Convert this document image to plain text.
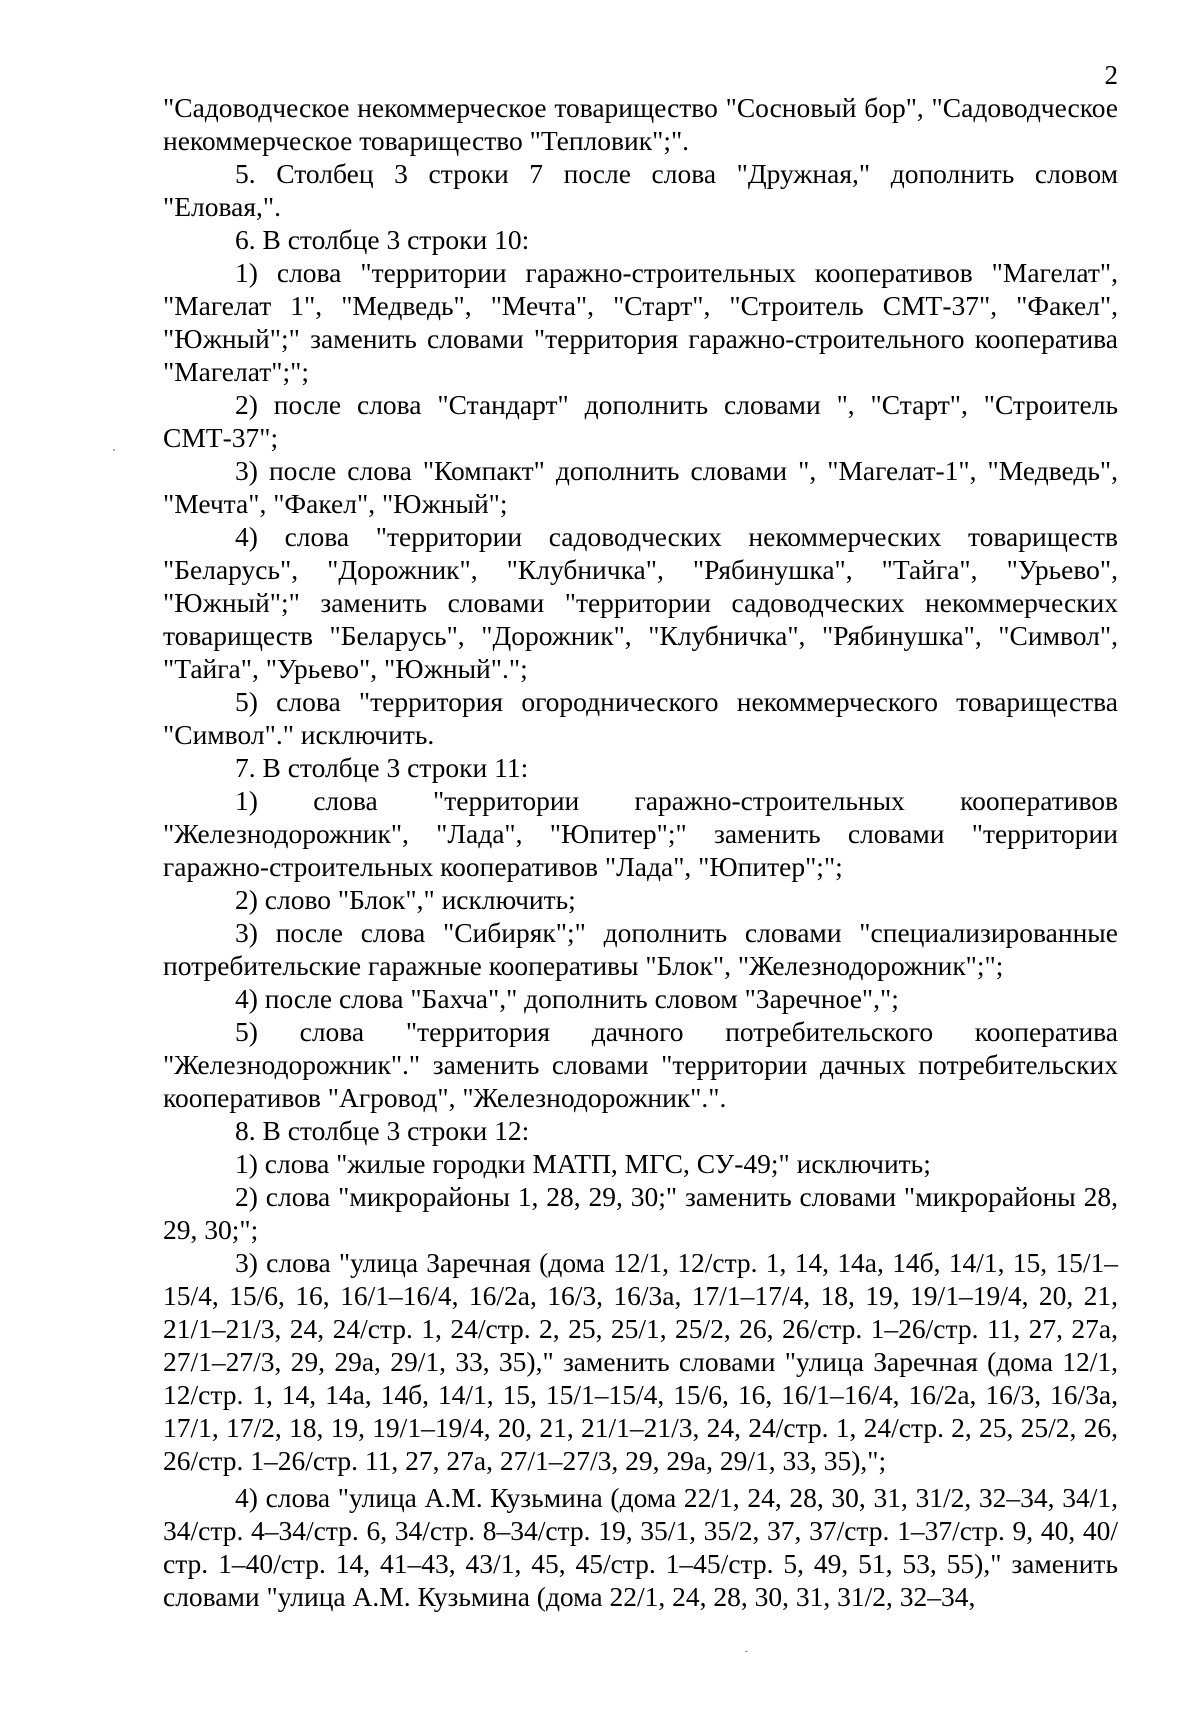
2

"Садоводческое некоммерческое товарищество "Сосновый бор", "Садоводческое некоммерческое товарищество "Тепловик";".

5. Столбец 3 строки 7 после слова "Дружная," дополнить словом "Еловая,".

6. В столбце 3 строки 10:

1) слова "территории гаражно-строительных кооперативов "Магелат", "Магелат 1", "Медведь", "Мечта", "Старт", "Строитель СМТ-37", "Факел", "Южный";" заменить словами "территория гаражно-строительного кооператива "Магелат";";

2) после слова "Стандарт" дополнить словами ", "Старт", "Строитель СМТ-37";

3) после слова "Компакт" дополнить словами ", "Магелат-1", "Медведь", "Мечта", "Факел", "Южный";

4) слова "территории садоводческих некоммерческих товариществ "Беларусь", "Дорожник", "Клубничка", "Рябинушка", "Тайга", "Урьево", "Южный";" заменить словами "территории садоводческих некоммерческих товариществ "Беларусь", "Дорожник", "Клубничка", "Рябинушка", "Символ", "Тайга", "Урьево", "Южный".";

5) слова "территория огороднического некоммерческого товарищества "Символ"." исключить.

7. В столбце 3 строки 11:

1) слова "территории гаражно-строительных кооперативов "Железнодорожник", "Лада", "Юпитер";" заменить словами "территории гаражно-строительных кооперативов "Лада", "Юпитер";";

2) слово "Блок"," исключить;

3) после слова "Сибиряк";" дополнить словами "специализированные потребительские гаражные кооперативы "Блок", "Железнодорожник";";

4) после слова "Бахча"," дополнить словом "Заречное",";

5) слова "территория дачного потребительского кооператива "Железнодорожник"." заменить словами "территории дачных потребительских кооперативов "Агровод", "Железнодорожник".".

8. В столбце 3 строки 12:

1) слова "жилые городки МАТП, МГС, СУ-49;" исключить;

2) слова "микрорайоны 1, 28, 29, 30;" заменить словами "микрорайоны 28, 29, 30;";

3) слова "улица Заречная (дома 12/1, 12/стр. 1, 14, 14а, 14б, 14/1, 15, 15/1–15/4, 15/6, 16, 16/1–16/4, 16/2а, 16/3, 16/3а, 17/1–17/4, 18, 19, 19/1–19/4, 20, 21, 21/1–21/3, 24, 24/стр. 1, 24/стр. 2, 25, 25/1, 25/2, 26, 26/стр. 1–26/стр. 11, 27, 27а, 27/1–27/3, 29, 29а, 29/1, 33, 35)," заменить словами "улица Заречная (дома 12/1, 12/стр. 1, 14, 14а, 14б, 14/1, 15, 15/1–15/4, 15/6, 16, 16/1–16/4, 16/2а, 16/3, 16/3а, 17/1, 17/2, 18, 19, 19/1–19/4, 20, 21, 21/1–21/3, 24, 24/стр. 1, 24/стр. 2, 25, 25/2, 26, 26/стр. 1–26/стр. 11, 27, 27а, 27/1–27/3, 29, 29а, 29/1, 33, 35),";

4) слова "улица А.М. Кузьмина (дома 22/1, 24, 28, 30, 31, 31/2, 32–34, 34/1, 34/стр. 4–34/стр. 6, 34/стр. 8–34/стр. 19, 35/1, 35/2, 37, 37/стр. 1–37/стр. 9, 40, 40/стр. 1–40/стр. 14, 41–43, 43/1, 45, 45/стр. 1–45/стр. 5, 49, 51, 53, 55)," заменить словами "улица А.М. Кузьмина (дома 22/1, 24, 28, 30, 31, 31/2, 32–34,
